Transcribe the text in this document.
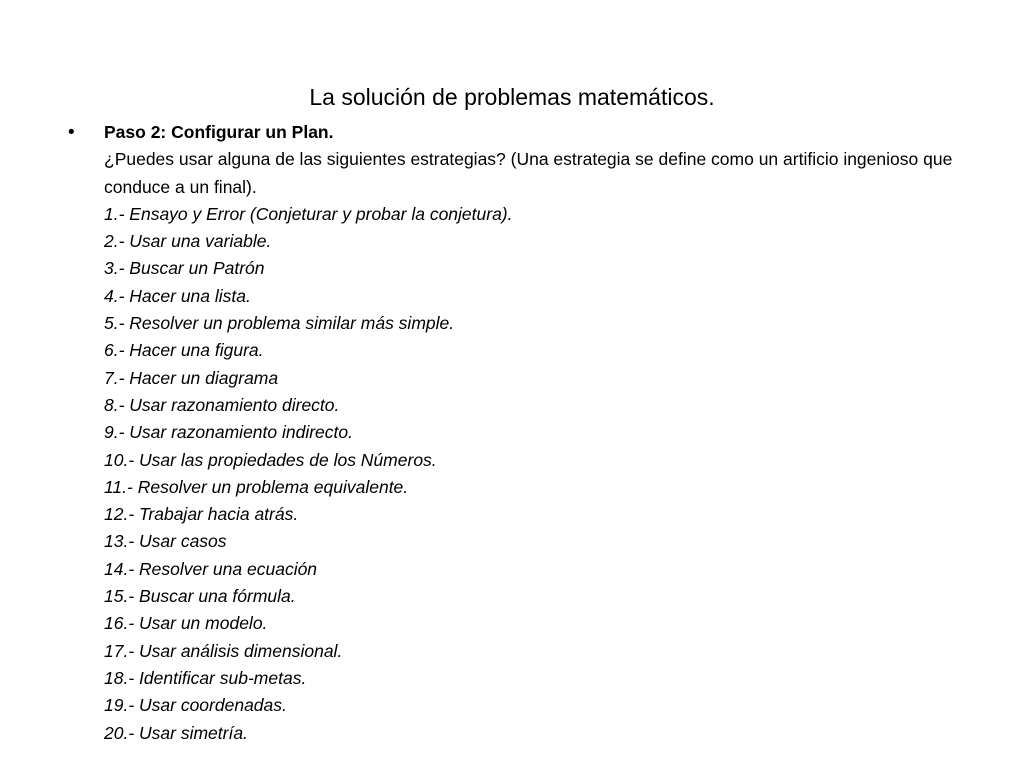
La solución de problemas matemáticos.
• Paso 2: Configurar un Plan.
¿Puedes usar alguna de las siguientes estrategias? (Una estrategia se define como un artificio ingenioso que conduce a un final).
1.- Ensayo y Error (Conjeturar y probar la conjetura).
2.- Usar una variable.
3.- Buscar un Patrón
4.- Hacer una lista.
5.- Resolver un problema similar más simple.
6.- Hacer una figura.
7.- Hacer un diagrama
8.- Usar razonamiento directo.
9.- Usar razonamiento indirecto.
10.- Usar las propiedades de los Números.
11.- Resolver un problema equivalente.
12.- Trabajar hacia atrás.
13.- Usar casos
14.- Resolver una ecuación
15.- Buscar una fórmula.
16.- Usar un modelo.
17.- Usar análisis dimensional.
18.- Identificar sub-metas.
19.- Usar coordenadas.
20.- Usar simetría.
